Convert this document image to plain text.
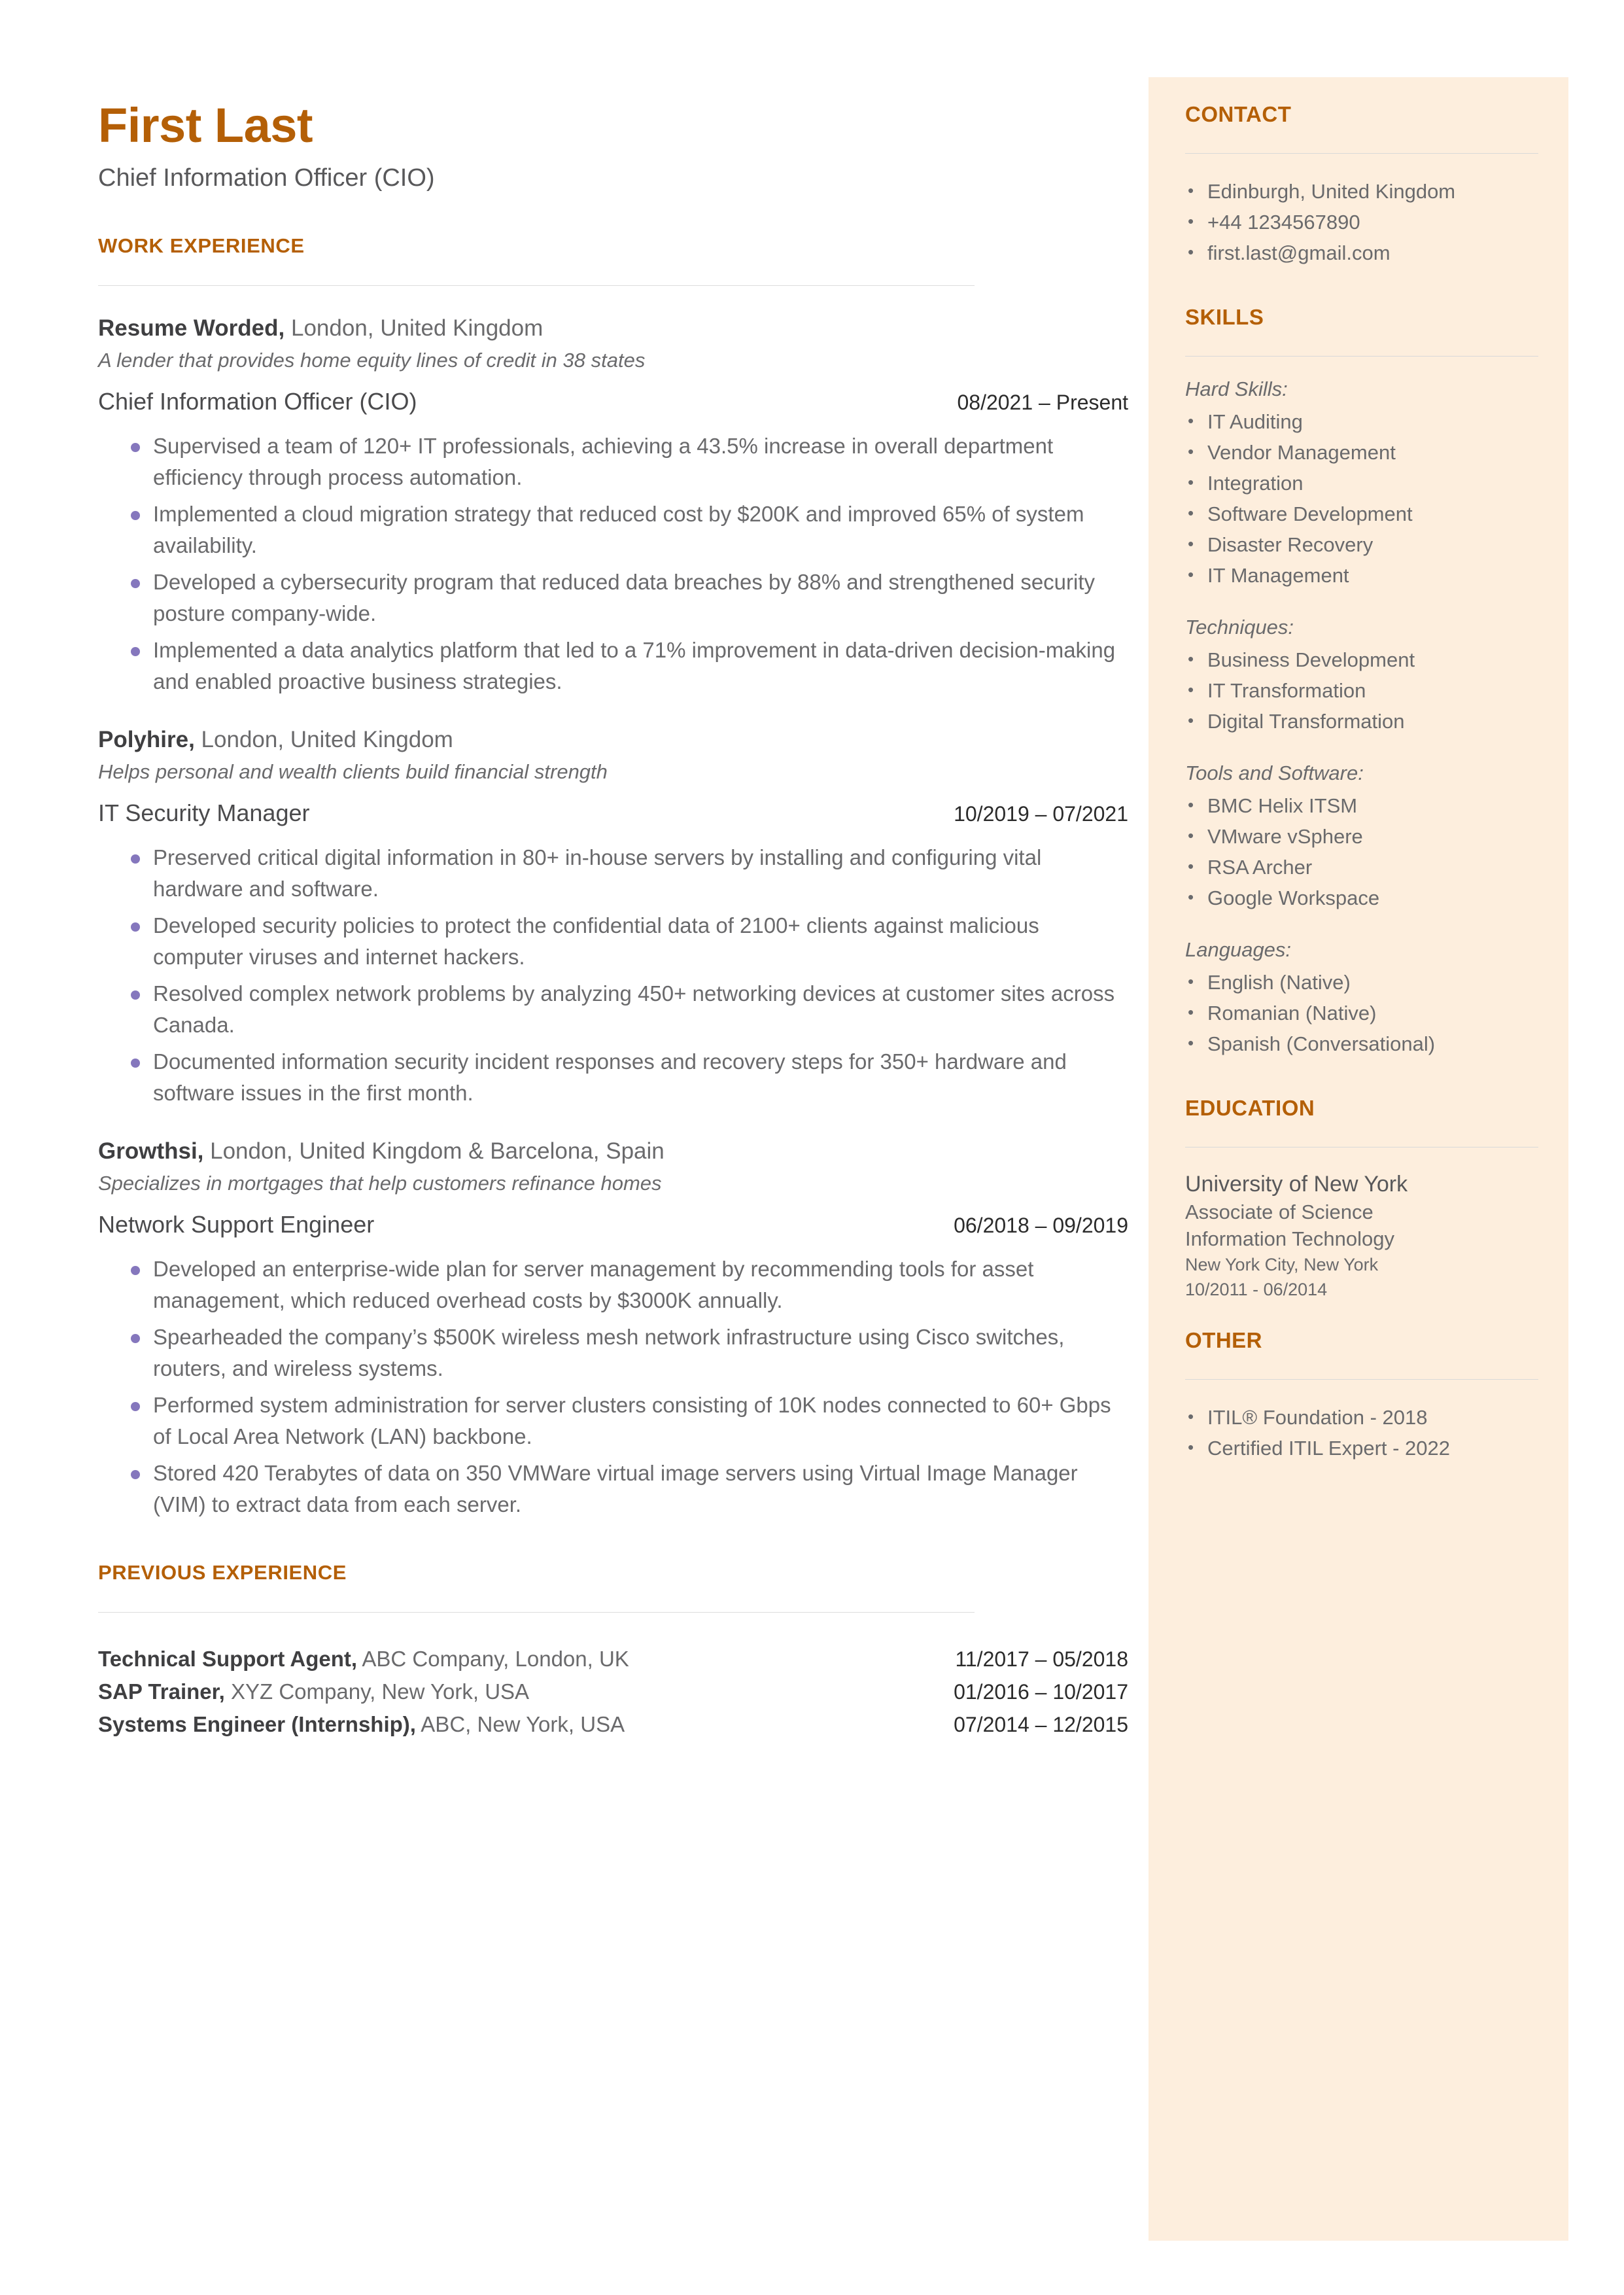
First Last
Chief Information Officer (CIO)
WORK EXPERIENCE
Resume Worded, London, United Kingdom
A lender that provides home equity lines of credit in 38 states
Chief Information Officer (CIO)	08/2021 – Present
Supervised a team of 120+ IT professionals, achieving a 43.5% increase in overall department efficiency through process automation.
Implemented a cloud migration strategy that reduced cost by $200K and improved 65% of system availability.
Developed a cybersecurity program that reduced data breaches by 88% and strengthened security posture company-wide.
Implemented a data analytics platform that led to a 71% improvement in data-driven decision-making and enabled proactive business strategies.
Polyhire, London, United Kingdom
Helps personal and wealth clients build financial strength
IT Security Manager	10/2019 – 07/2021
Preserved critical digital information in 80+ in-house servers by installing and configuring vital hardware and software.
Developed security policies to protect the confidential data of 2100+ clients against malicious computer viruses and internet hackers.
Resolved complex network problems by analyzing 450+ networking devices at customer sites across Canada.
Documented information security incident responses and recovery steps for 350+ hardware and software issues in the first month.
Growthsi, London, United Kingdom & Barcelona, Spain
Specializes in mortgages that help customers refinance homes
Network Support Engineer	06/2018 – 09/2019
Developed an enterprise-wide plan for server management by recommending tools for asset management, which reduced overhead costs by $3000K annually.
Spearheaded the company’s $500K wireless mesh network infrastructure using Cisco switches, routers, and wireless systems.
Performed system administration for server clusters consisting of 10K nodes connected to 60+ Gbps of Local Area Network (LAN) backbone.
Stored 420 Terabytes of data on 350 VMWare virtual image servers using Virtual Image Manager (VIM) to extract data from each server.
PREVIOUS EXPERIENCE
Technical Support Agent, ABC Company, London, UK	11/2017 – 05/2018
SAP Trainer, XYZ Company, New York, USA	01/2016 – 10/2017
Systems Engineer (Internship), ABC, New York, USA	07/2014 – 12/2015
CONTACT
• Edinburgh, United Kingdom
• +44 1234567890
• first.last@gmail.com
SKILLS
Hard Skills:
• IT Auditing
• Vendor Management
• Integration
• Software Development
• Disaster Recovery
• IT Management
Techniques:
• Business Development
• IT Transformation
• Digital Transformation
Tools and Software:
• BMC Helix ITSM
• VMware vSphere
• RSA Archer
• Google Workspace
Languages:
• English (Native)
• Romanian (Native)
• Spanish (Conversational)
EDUCATION
University of New York
Associate of Science
Information Technology
New York City, New York
10/2011 - 06/2014
OTHER
• ITIL® Foundation - 2018
• Certified ITIL Expert - 2022
